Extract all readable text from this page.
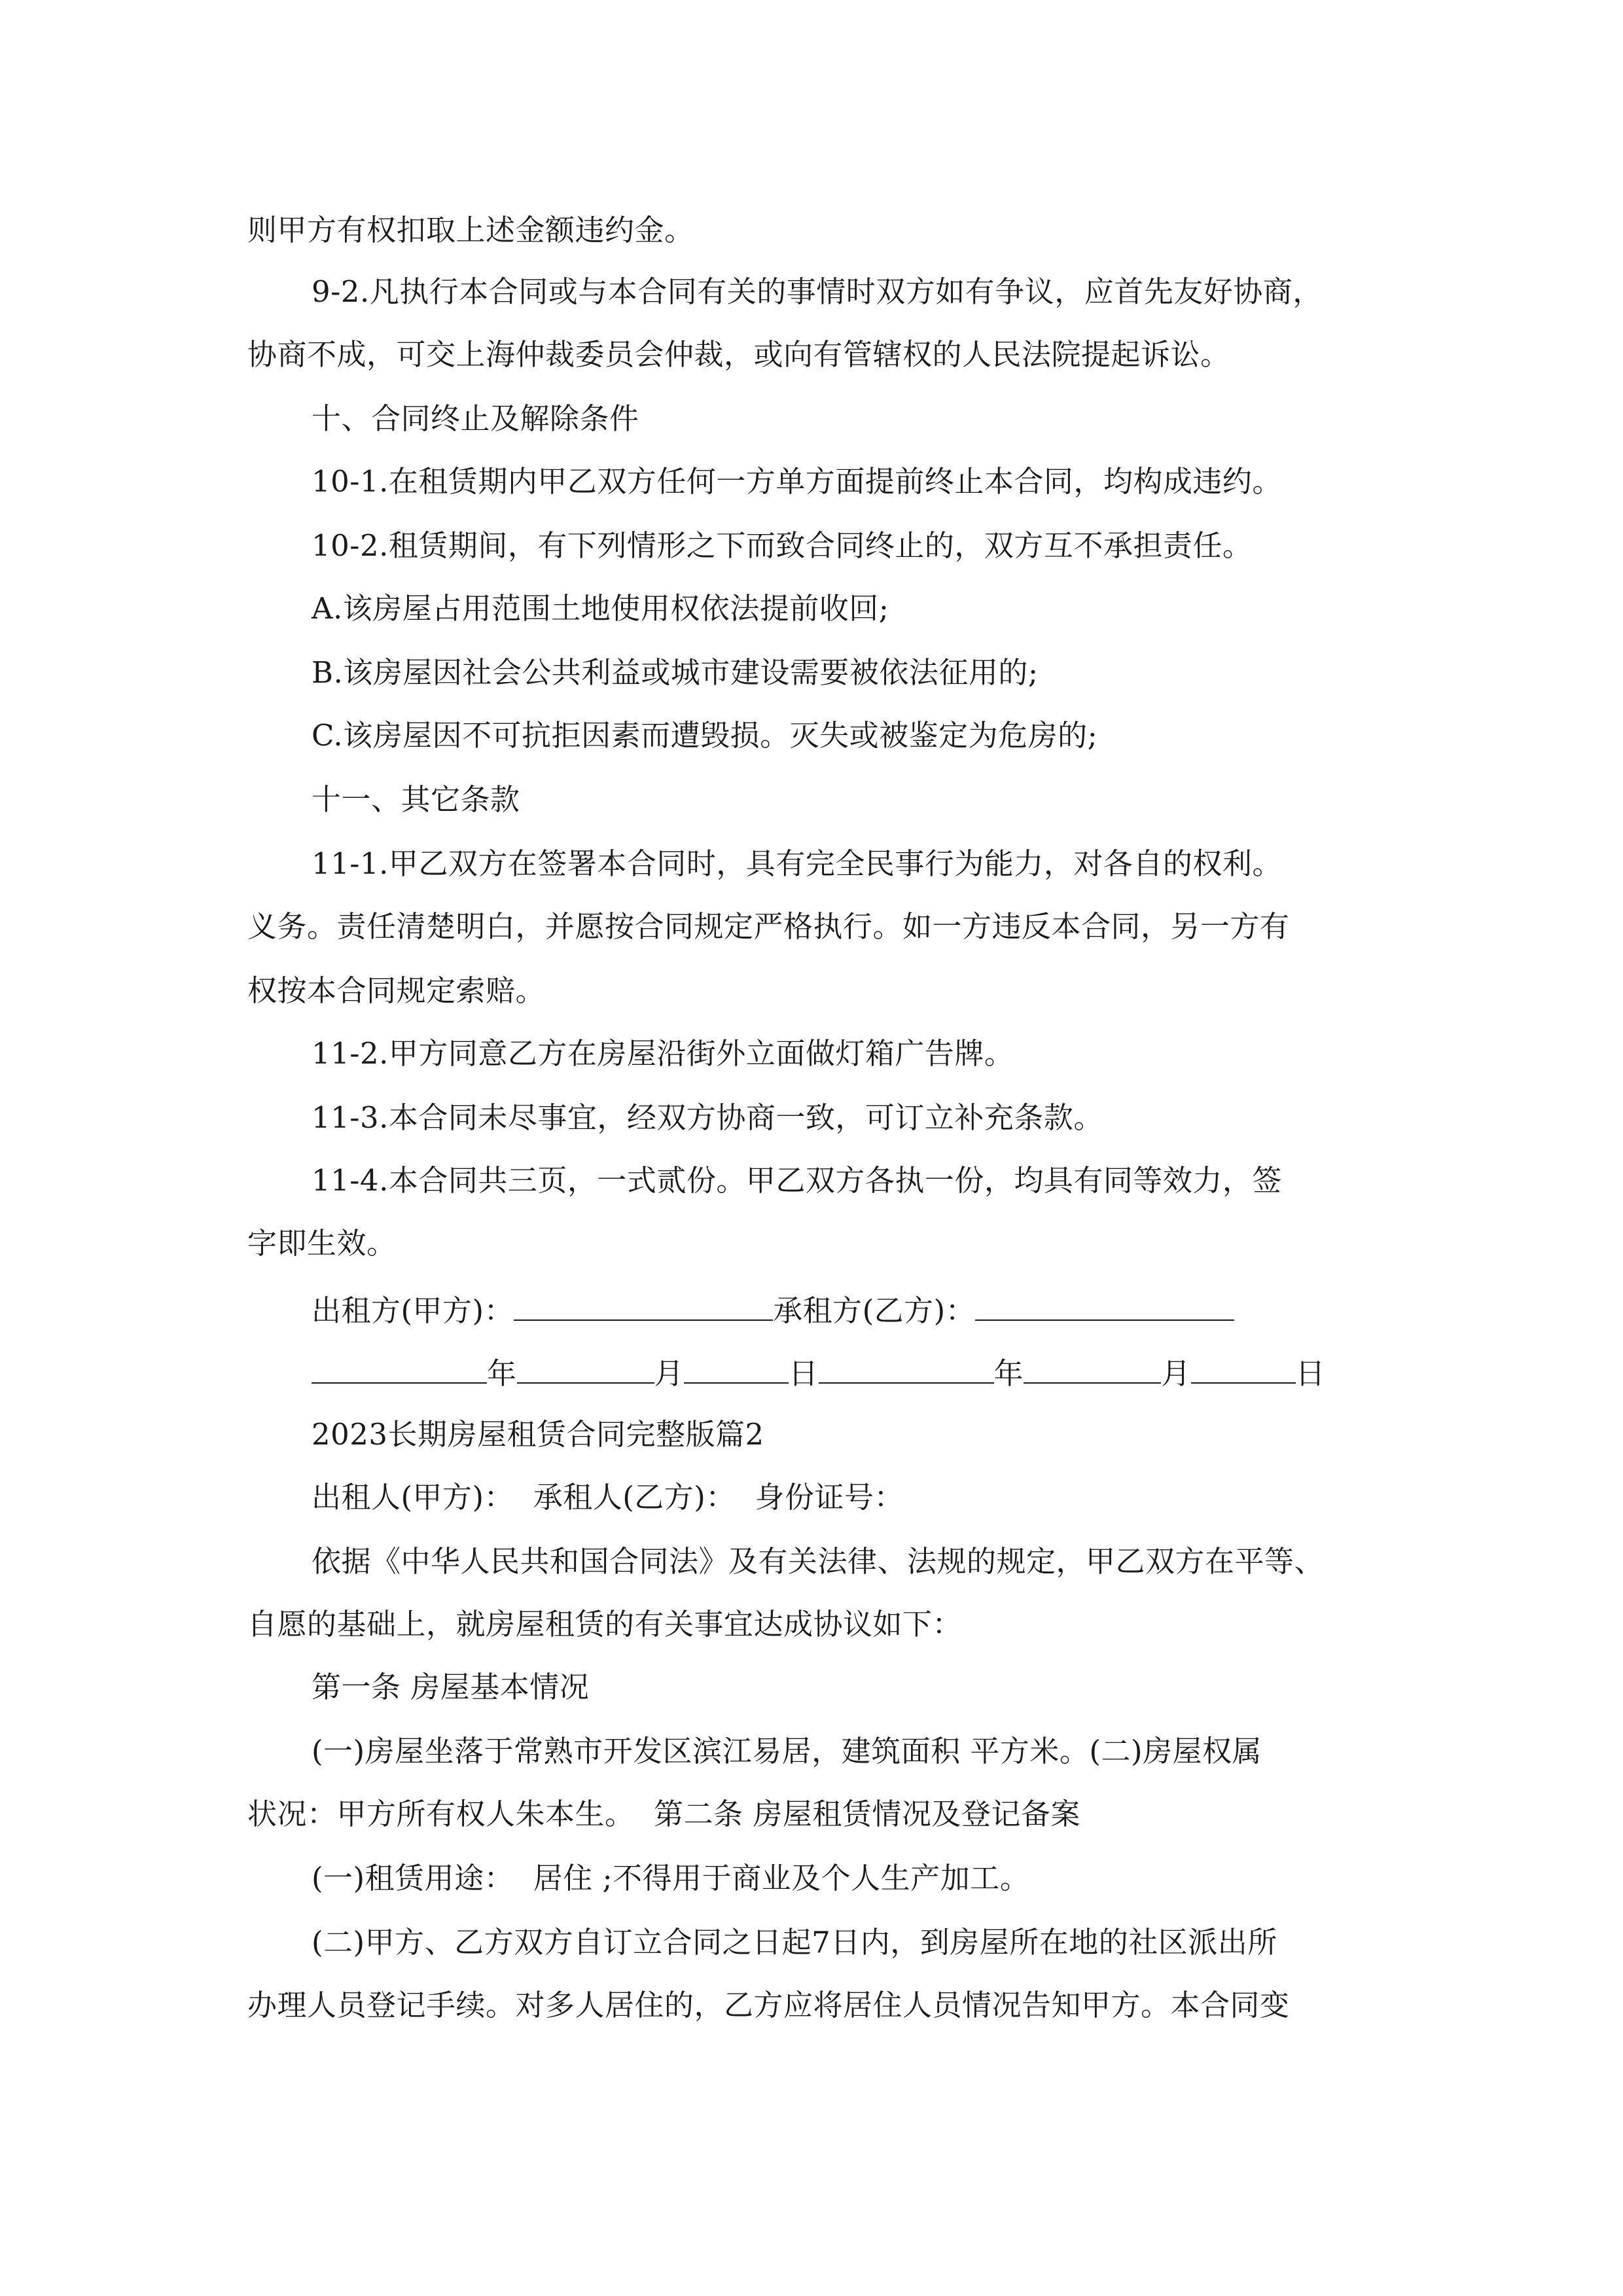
则甲方有权扣取上述金额违约金。

9-2.凡执行本合同或与本合同有关的事情时双方如有争议，应首先友好协商，

协商不成，可交上海仲裁委员会仲裁，或向有管辖权的人民法院提起诉讼。

十、合同终止及解除条件

10-1.在租赁期内甲乙双方任何一方单方面提前终止本合同，均构成违约。

10-2.租赁期间，有下列情形之下而致合同终止的，双方互不承担责任。

A.该房屋占用范围土地使用权依法提前收回;

B.该房屋因社会公共利益或城市建设需要被依法征用的;

C.该房屋因不可抗拒因素而遭毁损。灭失或被鉴定为危房的;

十一、其它条款

11-1.甲乙双方在签署本合同时，具有完全民事行为能力，对各自的权利。

义务。责任清楚明白，并愿按合同规定严格执行。如一方违反本合同，另一方有

权按本合同规定索赔。

11-2.甲方同意乙方在房屋沿街外立面做灯箱广告牌。

11-3.本合同未尽事宜，经双方协商一致，可订立补充条款。

11-4.本合同共三页，一式贰份。甲乙双方各执一份，均具有同等效力，签

字即生效。

出租方(甲方)：	承租方(乙方)：

年	月	日	年	月	日

2023长期房屋租赁合同完整版篇2

出租人(甲方)：  承租人(乙方)：  身份证号：

依据《中华人民共和国合同法》及有关法律、法规的规定，甲乙双方在平等、

自愿的基础上，就房屋租赁的有关事宜达成协议如下：

第一条 房屋基本情况

(一)房屋坐落于常熟市开发区滨江易居，建筑面积 平方米。(二)房屋权属

状况：甲方所有权人朱本生。  第二条 房屋租赁情况及登记备案

(一)租赁用途：  居住 ;不得用于商业及个人生产加工。

(二)甲方、乙方双方自订立合同之日起7日内，到房屋所在地的社区派出所

办理人员登记手续。对多人居住的，乙方应将居住人员情况告知甲方。本合同变
